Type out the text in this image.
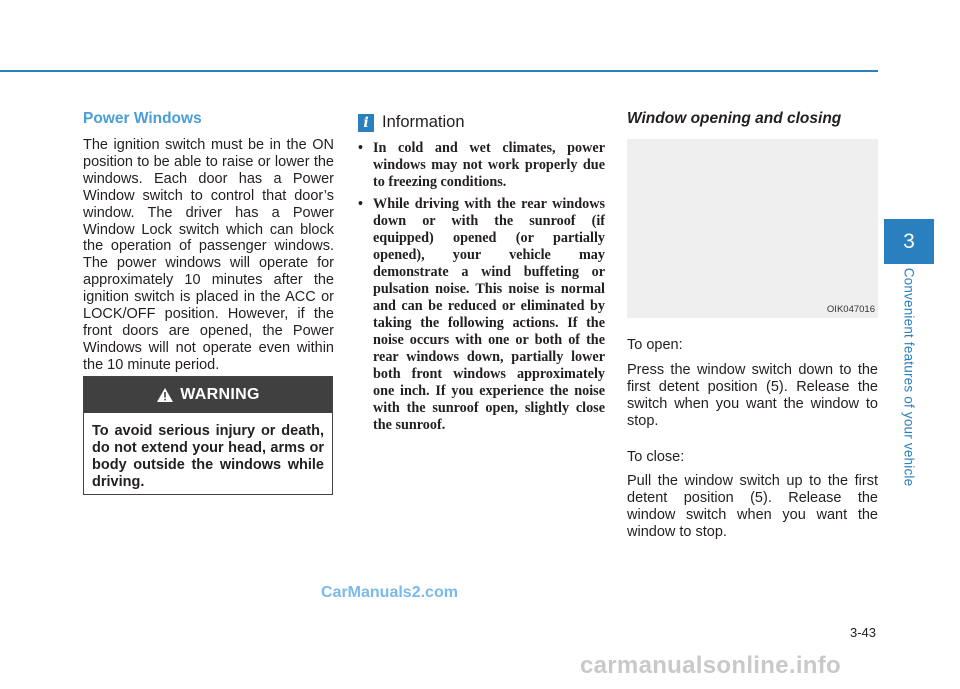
Power Windows
The ignition switch must be in the ON position to be able to raise or lower the windows. Each door has a Power Window switch to control that door’s window. The driver has a Power Window Lock switch which can block the operation of passenger windows. The power windows will operate for approximately 10 minutes after the ignition switch is placed in the ACC or LOCK/OFF position. However, if the front doors are opened, the Power Windows will not operate even within the 10 minute period.
WARNING
To avoid serious injury or death, do not extend your head, arms or body outside the windows while driving.
i Information
• In cold and wet climates, power windows may not work properly due to freezing conditions.
• While driving with the rear windows down or with the sunroof (if equipped) opened (or partially opened), your vehicle may demonstrate a wind buffeting or pulsation noise. This noise is normal and can be reduced or eliminated by taking the following actions. If the noise occurs with one or both of the rear windows down, partially lower both front windows approximately one inch. If you experience the noise with the sunroof open, slightly close the sunroof.
Window opening and closing
OIK047016
To open:
Press the window switch down to the first detent position (5). Release the switch when you want the window to stop.
To close:
Pull the window switch up to the first detent position (5). Release the window switch when you want the window to stop.
3
Convenient features of your vehicle
3-43
CarManuals2.com
carmanualsonline.info
